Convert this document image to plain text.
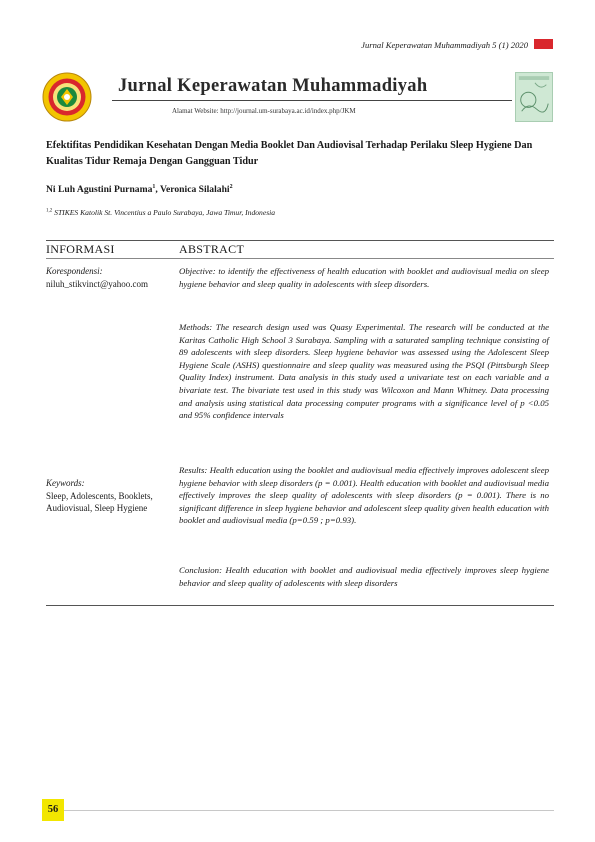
Jurnal Keperawatan Muhammadiyah 5 (1) 2020
Jurnal Keperawatan Muhammadiyah
Alamat Website: http://journal.um-surabaya.ac.id/index.php/JKM
Efektifitas Pendidikan Kesehatan Dengan Media Booklet Dan Audiovisal Terhadap Perilaku Sleep Hygiene Dan Kualitas Tidur Remaja Dengan Gangguan Tidur
Ni Luh Agustini Purnama$^1$, Veronica Silalahi$^2$
$^{1,2}$ STIKES Katolik St. Vincentius a Paulo Surabaya, Jawa Timur, Indonesia
INFORMASI	ABSTRACT
Korespondensi:
niluh_stikvinct@yahoo.com
Keywords:
Sleep, Adolescents, Booklets, Audiovisual, Sleep Hygiene
Objective: to identify the effectiveness of health education with booklet and audiovisual media on sleep hygiene behavior and sleep quality in adolescents with sleep disorders.
Methods: The research design used was Quasy Experimental. The research will be conducted at the Karitas Catholic High School 3 Surabaya. Sampling with a saturated sampling technique consisting of 89 adolescents with sleep disorders. Sleep hygiene behavior was assessed using the Adolescent Sleep Hygiene Scale (ASHS) questionnaire and sleep quality was measured using the PSQI (Pittsburgh Sleep Quality Index) instrument. Data analysis in this study used a univariate test on each variable and a bivariate test. The bivariate test used in this study was Wilcoxon and Mann Whitney. Data processing and analysis using statistical data processing computer programs with a significance level of p <0.05 and 95% confidence intervals
Results: Health education using the booklet and audiovisual media effectively improves adolescent sleep hygiene behavior with sleep disorders (p = 0.001). Health education with booklet and audiovisual media effectively improves the sleep quality of adolescents with sleep disorders (p = 0.001). There is no significant difference in sleep hygiene behavior and adolescent sleep quality given health education with booklet and audiovisual media (p=0.59 ; p=0.93).
Conclusion: Health education with booklet and audiovisual media effectively improves sleep hygiene behavior and sleep quality of adolescents with sleep disorders
56
